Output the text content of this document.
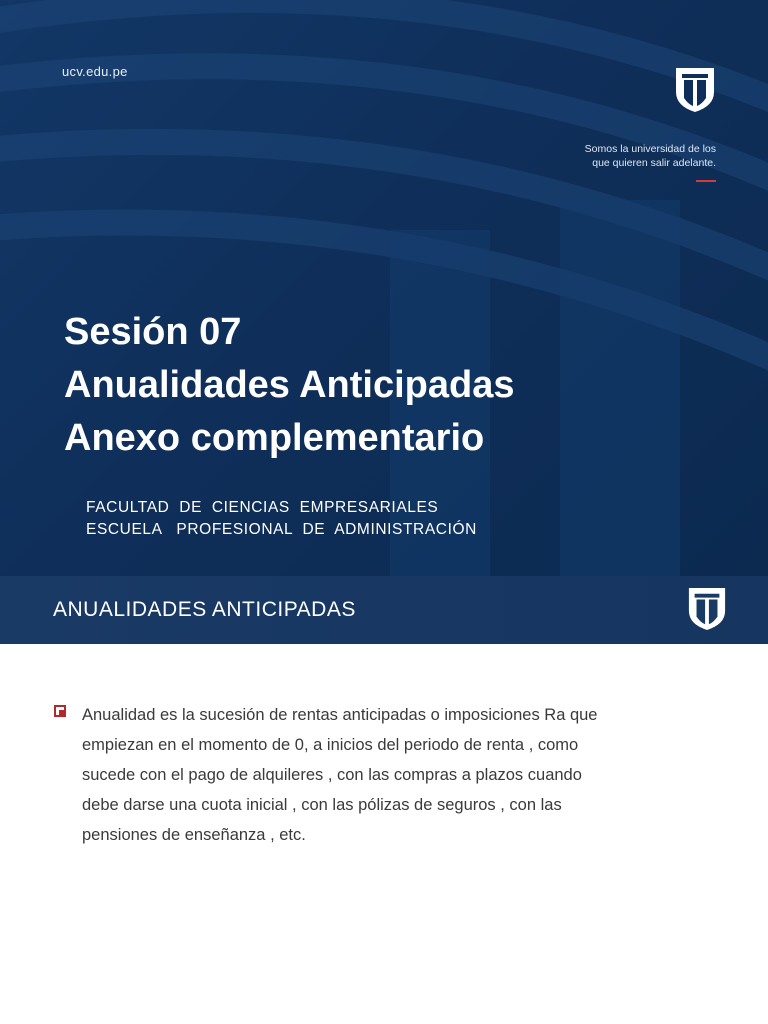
ucv.edu.pe
Somos la universidad de los
que quieren salir adelante.
Sesión 07
Anualidades Anticipadas
Anexo complementario
FACULTAD  DE  CIENCIAS  EMPRESARIALES
ESCUELA   PROFESIONAL  DE  ADMINISTRACIÓN
ANUALIDADES ANTICIPADAS
Anualidad es la sucesión de rentas anticipadas o imposiciones Ra que
empiezan en el momento de 0, a inicios del periodo de renta , como
sucede con el pago de alquileres , con las compras a plazos cuando
debe darse una cuota inicial , con las pólizas de seguros , con las
pensiones de enseñanza , etc.
